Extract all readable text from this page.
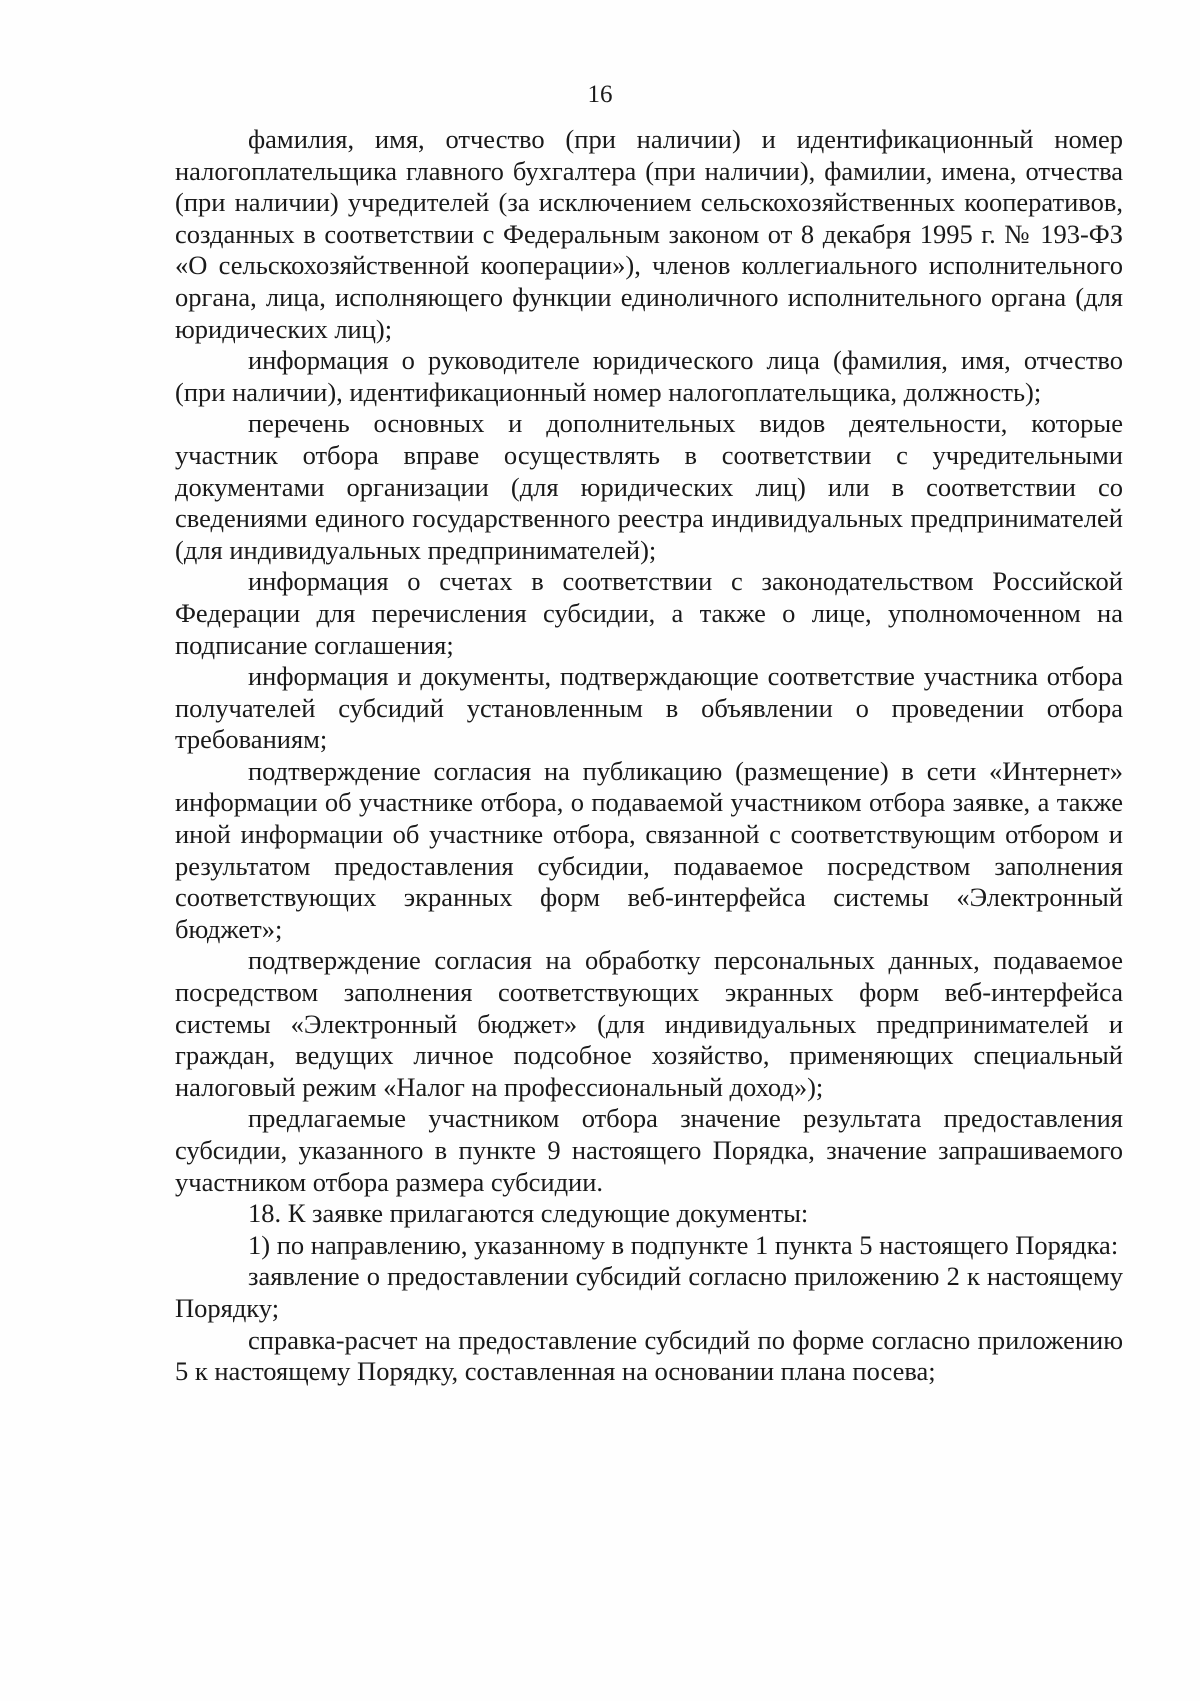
16

фамилия, имя, отчество (при наличии) и идентификационный номер налогоплательщика главного бухгалтера (при наличии), фамилии, имена, отчества (при наличии) учредителей (за исключением сельскохозяйственных кооперативов, созданных в соответствии с Федеральным законом от 8 декабря 1995 г. № 193-ФЗ «О сельскохозяйственной кооперации»), членов коллегиального исполнительного органа, лица, исполняющего функции единоличного исполнительного органа (для юридических лиц);

информация о руководителе юридического лица (фамилия, имя, отчество (при наличии), идентификационный номер налогоплательщика, должность);

перечень основных и дополнительных видов деятельности, которые участник отбора вправе осуществлять в соответствии с учредительными документами организации (для юридических лиц) или в соответствии со сведениями единого государственного реестра индивидуальных предпринимателей (для индивидуальных предпринимателей);

информация о счетах в соответствии с законодательством Российской Федерации для перечисления субсидии, а также о лице, уполномоченном на подписание соглашения;

информация и документы, подтверждающие соответствие участника отбора получателей субсидий установленным в объявлении о проведении отбора требованиям;

подтверждение согласия на публикацию (размещение) в сети «Интернет» информации об участнике отбора, о подаваемой участником отбора заявке, а также иной информации об участнике отбора, связанной с соответствующим отбором и результатом предоставления субсидии, подаваемое посредством заполнения соответствующих экранных форм веб-интерфейса системы «Электронный бюджет»;

подтверждение согласия на обработку персональных данных, подаваемое посредством заполнения соответствующих экранных форм веб-интерфейса системы «Электронный бюджет» (для индивидуальных предпринимателей и граждан, ведущих личное подсобное хозяйство, применяющих специальный налоговый режим «Налог на профессиональный доход»);

предлагаемые участником отбора значение результата предоставления субсидии, указанного в пункте 9 настоящего Порядка, значение запрашиваемого участником отбора размера субсидии.

18. К заявке прилагаются следующие документы:

1) по направлению, указанному в подпункте 1 пункта 5 настоящего Порядка:

заявление о предоставлении субсидий согласно приложению 2 к настоящему Порядку;

справка-расчет на предоставление субсидий по форме согласно приложению 5 к настоящему Порядку, составленная на основании плана посева;
